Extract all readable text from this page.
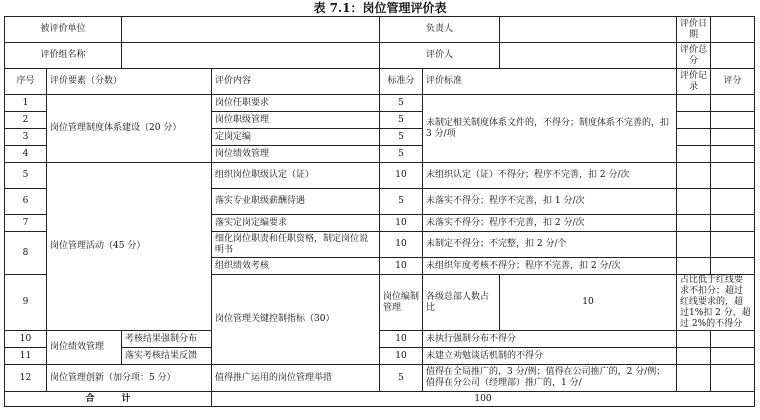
表 7.1：岗位管理评价表
被评价单位				负责人			评价日期		
评价组名称				评价人			评价总分		
序号	评价要素（分数）		评价内容	标准分	评价标准		评价记录	评分	
1	岗位管理制度体系建设（20 分）		岗位任职要求	5	未制定相关制度体系文件的，不得分；制度体系不完善的，扣 3 分/项				
2			岗位职级管理	5					
3			定岗定编	5					
4			岗位绩效管理	5					
5	岗位管理活动（45 分）		组织岗位职级认定（证）	10	未组织认定（证）不得分；程序不完善，扣 2 分/次				
6			落实专业职级薪酬待遇	5	未落实不得分；程序不完善，扣 1 分/次				
7			落实定岗定编要求	10	未落实不得分；程序不完善，扣 2 分/次				
8			细化岗位职责和任职资格，制定岗位说明书	10	未制定不得分；不完整，扣 2 分/个				
			组织绩效考核	10	未组织年度考核不得分；程序不完善，扣 2 分/次				
9			岗位管理关键控制指标（30）	岗位编制管理	各级总部人数占比	10	占比低于红线要求不扣分；超过红线要求的，超过1%扣 2 分，超过 2%的不得分		
10	岗位绩效管理	考核结果强制分布		10	未执行强制分布不得分				
11		落实考核结果反馈		10	未建立劝勉谈话机制的不得分				
12	岗位管理创新（加分项：5 分）		值得推广运用的岗位管理举措	5	值得在全局推广的，3 分/例；值得在公司推广的，2 分/例；值得在分公司（经理部）推广的，1 分/				
合　　　计			100						
